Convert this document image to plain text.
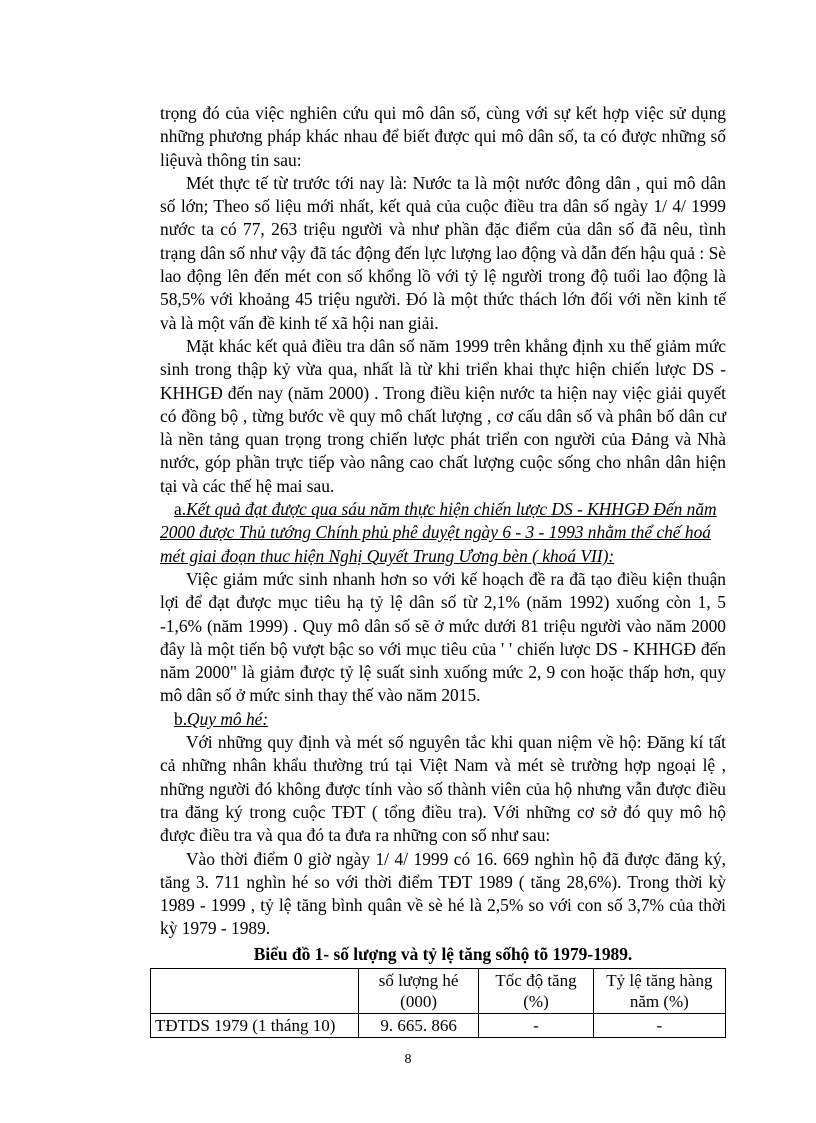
trọng đó của việc nghiên cứu qui mô dân số, cùng với sự kết hợp việc sử dụng những phương pháp khác nhau để biết được qui mô dân số, ta có được những số liệuvà thông tin sau:

Mét thực tế từ trước tới nay là: Nước ta là một nước đông dân , qui mô dân số lớn; Theo số liệu mới nhất, kết quả của cuộc điều tra dân số ngày 1/ 4/ 1999 nước ta có 77, 263 triệu người và như phần đặc điểm của dân số đã nêu, tình trạng dân số như vậy đã tác động đến lực lượng lao động và dẫn đến hậu quả : Sè lao động lên đến mét con số khổng lồ với tỷ lệ người trong độ tuổi lao động là 58,5% với khoảng 45 triệu người. Đó là một thức thách lớn đối với nền kinh tế và là một vấn đề kinh tế xã hội nan giải.

Mặt khác kết quả điều tra dân số năm 1999 trên khẳng định xu thế giảm mức sinh trong thập kỷ vừa qua, nhất là từ khi triển khai thực hiện chiến lược DS - KHHGĐ đến nay (năm 2000) . Trong điều kiện nước ta hiện nay việc giải quyết có đồng bộ , từng bước về quy mô chất lượng , cơ cấu dân số và phân bố dân cư là nền tảng quan trọng trong chiến lược phát triển con người của Đảng và Nhà nước, góp phần trực tiếp vào nâng cao chất lượng cuộc sống cho nhân dân hiện tại và các thế hệ mai sau.

a.Kết quả đạt được qua sáu năm thực hiện chiến lược DS - KHHGĐ Đến năm 2000 được Thủ tướng Chính phủ phê duyệt ngày 6 - 3 - 1993 nhằm thể chế hoá mét giai đoạn thuc hiện Nghị Quyết Trung Ương bèn ( khoá VII):

Việc giảm mức sinh nhanh hơn so với kế hoạch đề ra đã tạo điều kiện thuận lợi để đạt được mục tiêu hạ tỷ lệ dân số từ 2,1% (năm 1992) xuống còn 1, 5 -1,6% (năm 1999) . Quy mô dân số sẽ ở mức dưới 81 triệu người vào năm 2000 đây là một tiến bộ vượt bậc so với mục tiêu của ' ' chiến lược DS - KHHGĐ đến năm 2000" là giảm được tỷ lệ suất sinh xuống mức 2, 9 con hoặc thấp hơn, quy mô dân số ở mức sinh thay thế vào năm 2015.

b.Quy mô hé:

Với những quy định và mét số nguyên tắc khi quan niệm về hộ: Đăng kí tất cả những nhân khẩu thường trú tại Việt Nam và mét sè trường hợp ngoại lệ , những người đó không được tính vào số thành viên của hộ nhưng vẫn được điều tra đăng ký trong cuộc TĐT ( tổng điều tra). Với những cơ sở đó quy mô hộ được điều tra và qua đó ta đưa ra những con số như sau:

Vào thời điểm 0 giờ ngày 1/ 4/ 1999 có 16. 669 nghìn hộ đã được đăng ký, tăng 3. 711 nghìn hé so với thời điểm TĐT 1989 ( tăng 28,6%). Trong thời kỳ 1989 - 1999 , tỷ lệ tăng bình quân về sè hé là 2,5% so với con số 3,7% của thời kỳ 1979 - 1989.

Biểu đồ 1- số lượng và tỷ lệ tăng sốhộ tõ 1979-1989.

	số lượng hé (000)	Tốc độ tăng (%)	Tỷ lệ tăng hàng năm (%)
TĐTDS 1979 (1 tháng 10)	9. 665. 866	-	-
8
